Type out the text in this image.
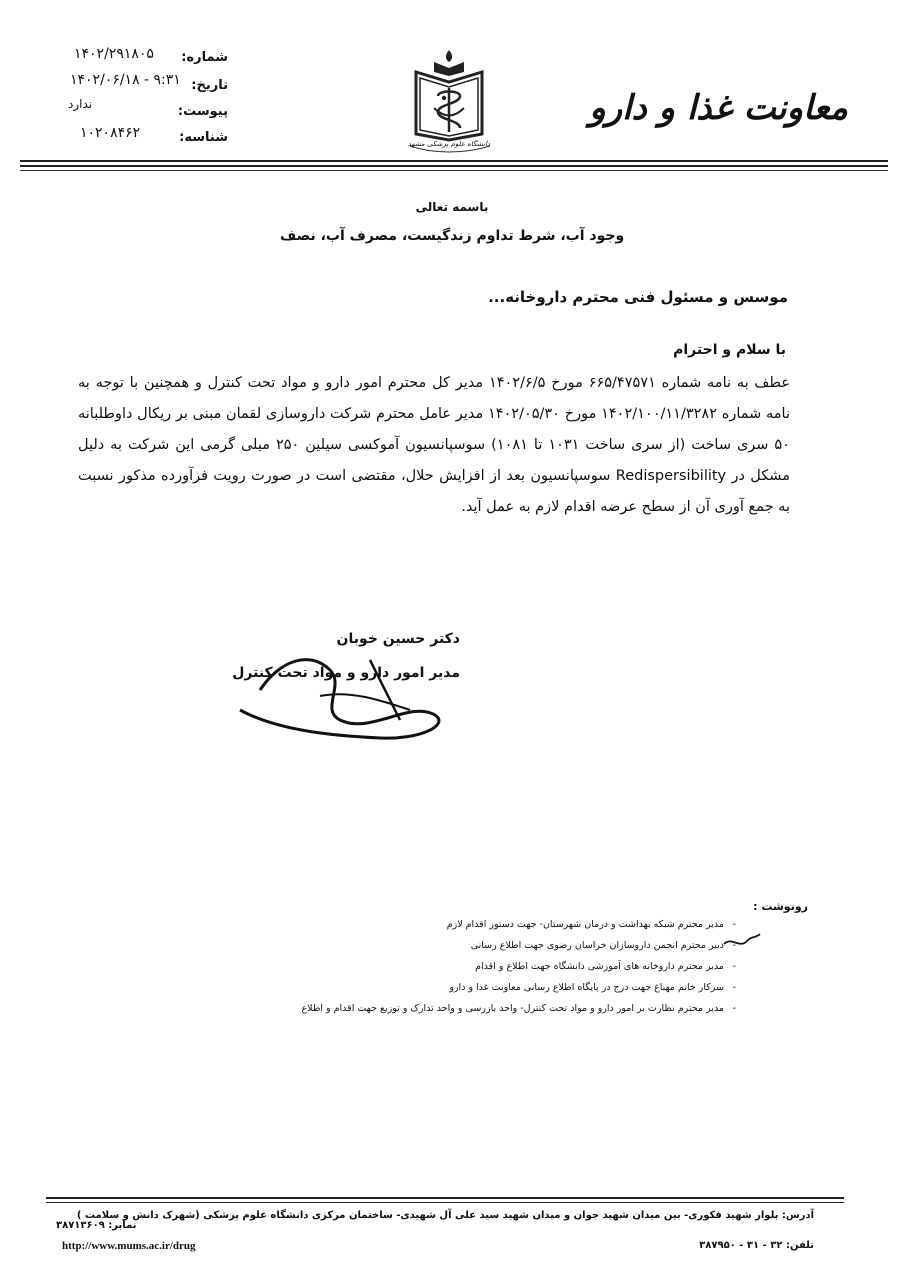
شماره:
۱۴۰۲/۲۹۱۸۰۵
تاریخ:
۱۴۰۲/۰۶/۱۸ - ۹:۳۱
پیوست:
ندارد
شناسه:
۱۰۲۰۸۴۶۲
دانشگاه علوم پزشکی مشهد
معاونت غذا و دارو
باسمه تعالی
وجود آب، شرط تداوم زندگیست، مصرف آب، نصف
موسس و مسئول فنی محترم داروخانه...
با سلام و احترام
عطف به نامه شماره ۶۶۵/۴۷۵۷۱ مورخ ۱۴۰۲/۶/۵ مدیر کل محترم امور دارو و مواد تحت کنترل و همچنین با توجه به نامه شماره ۱۴۰۲/۱۰۰/۱۱/۳۲۸۲ مورخ ۱۴۰۲/۰۵/۳۰ مدیر عامل محترم شرکت داروسازی لقمان مبنی بر ریکال داوطلبانه ۵۰ سری ساخت (از سری ساخت ۱۰۳۱ تا ۱۰۸۱) سوسپانسیون آموکسی سیلین ۲۵۰ میلی گرمی این شرکت به دلیل مشکل در Redispersibility سوسپانسیون بعد از افزایش حلال، مقتضی است در صورت رویت فرآورده مذکور نسبت به جمع آوری آن از سطح عرضه اقدام لازم به عمل آید.
دکتر حسین خوبان
مدیر امور دارو و مواد تحت کنترل
رونوشت :
مدیر محترم شبکه بهداشت و درمان شهرستان- جهت دستور اقدام لازم -
دبیر محترم انجمن داروسازان خراسان رضوی جهت اطلاع رسانی -
مدیر محترم داروخانه های آموزشی دانشگاه جهت اطلاع و اقدام -
سرکار خانم مهباغ جهت درج در پایگاه اطلاع رسانی معاونت غذا و دارو -
مدیر محترم نظارت بر امور دارو و مواد تحت کنترل- واحد بازرسی و واحد تدارک و توزیع جهت اقدام و اطلاع -
آدرس: بلوار شهید فکوری- بین میدان شهید جوان و میدان شهید سید علی آل شهیدی- ساختمان مرکزی دانشگاه علوم پزشکی (شهرک دانش و سلامت )
تلفن: ۳۲ - ۳۱ - ۳۸۷۹۵۰
نمابر: ۳۸۷۱۳۶۰۹
http://www.mums.ac.ir/drug
